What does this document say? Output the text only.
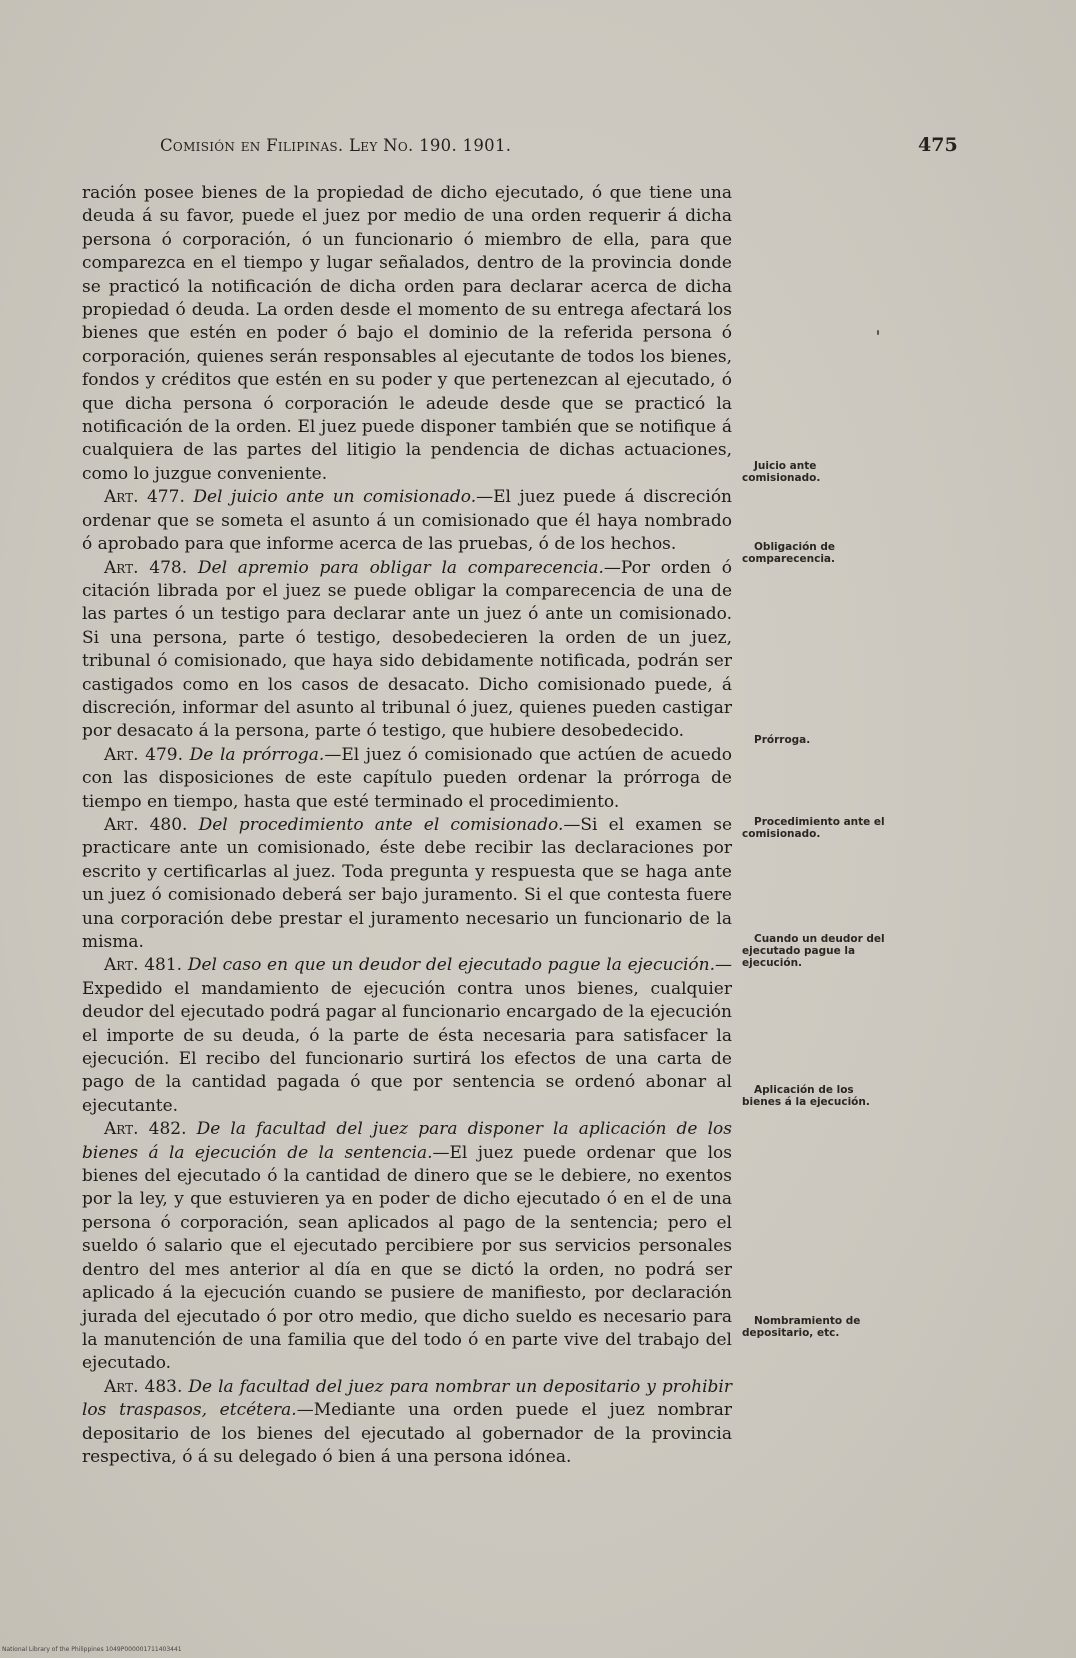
Comisión en Filipinas. Ley No. 190. 1901.	475

ración posee bienes de la propiedad de dicho ejecutado, ó que tiene una deuda á su favor, puede el juez por medio de una orden requerir á dicha persona ó corporación, ó un funcionario ó miembro de ella, para que comparezca en el tiempo y lugar señalados, dentro de la provincia donde se practicó la notificación de dicha orden para declarar acerca de dicha propiedad ó deuda. La orden desde el momento de su entrega afectará los bienes que estén en poder ó bajo el dominio de la referida persona ó corporación, quienes serán responsables al ejecutante de todos los bienes, fondos y créditos que estén en su poder y que pertenezcan al ejecutado, ó que dicha persona ó corporación le adeude desde que se practicó la notificación de la orden. El juez puede disponer también que se notifique á cualquiera de las partes del litigio la pendencia de dichas actuaciones, como lo juzgue conveniente.

Art. 477. Del juicio ante un comisionado.—El juez puede á discreción ordenar que se someta el asunto á un comisionado que él haya nombrado ó aprobado para que informe acerca de las pruebas, ó de los hechos.

Art. 478. Del apremio para obligar la comparecencia.—Por orden ó citación librada por el juez se puede obligar la comparecencia de una de las partes ó un testigo para declarar ante un juez ó ante un comisionado. Si una persona, parte ó testigo, desobedecieren la orden de un juez, tribunal ó comisionado, que haya sido debidamente notificada, podrán ser castigados como en los casos de desacato. Dicho comisionado puede, á discreción, informar del asunto al tribunal ó juez, quienes pueden castigar por desacato á la persona, parte ó testigo, que hubiere desobedecido.

Art. 479. De la prórroga.—El juez ó comisionado que actúen de acuedo con las disposiciones de este capítulo pueden ordenar la prórroga de tiempo en tiempo, hasta que esté terminado el procedimiento.

Art. 480. Del procedimiento ante el comisionado.—Si el examen se practicare ante un comisionado, éste debe recibir las declaraciones por escrito y certificarlas al juez. Toda pregunta y respuesta que se haga ante un juez ó comisionado deberá ser bajo juramento. Si el que contesta fuere una corporación debe prestar el juramento necesario un funcionario de la misma.

Art. 481. Del caso en que un deudor del ejecutado pague la ejecución.—Expedido el mandamiento de ejecución contra unos bienes, cualquier deudor del ejecutado podrá pagar al funcionario encargado de la ejecución el importe de su deuda, ó la parte de ésta necesaria para satisfacer la ejecución. El recibo del funcionario surtirá los efectos de una carta de pago de la cantidad pagada ó que por sentencia se ordenó abonar al ejecutante.

Art. 482. De la facultad del juez para disponer la aplicación de los bienes á la ejecución de la sentencia.—El juez puede ordenar que los bienes del ejecutado ó la cantidad de dinero que se le debiere, no exentos por la ley, y que estuvieren ya en poder de dicho ejecutado ó en el de una persona ó corporación, sean aplicados al pago de la sentencia; pero el sueldo ó salario que el ejecutado percibiere por sus servicios personales dentro del mes anterior al día en que se dictó la orden, no podrá ser aplicado á la ejecución cuando se pusiere de manifiesto, por declaración jurada del ejecutado ó por otro medio, que dicho sueldo es necesario para la manutención de una familia que del todo ó en parte vive del trabajo del ejecutado.

Art. 483. De la facultad del juez para nombrar un depositario y prohibir los traspasos, etcétera.—Mediante una orden puede el juez nombrar depositario de los bienes del ejecutado al gobernador de la provincia respectiva, ó á su delegado ó bien á una persona idónea.

Juicio ante comisionado.
Obligación de comparecencia.
Prórroga.
Procedimiento ante el comisionado.
Cuando un deudor del ejecutado pague la ejecución.
Aplicación de los bienes á la ejecución.
Nombramiento de depositario, etc.
National Library of the Philippines 1049P000001711403441
